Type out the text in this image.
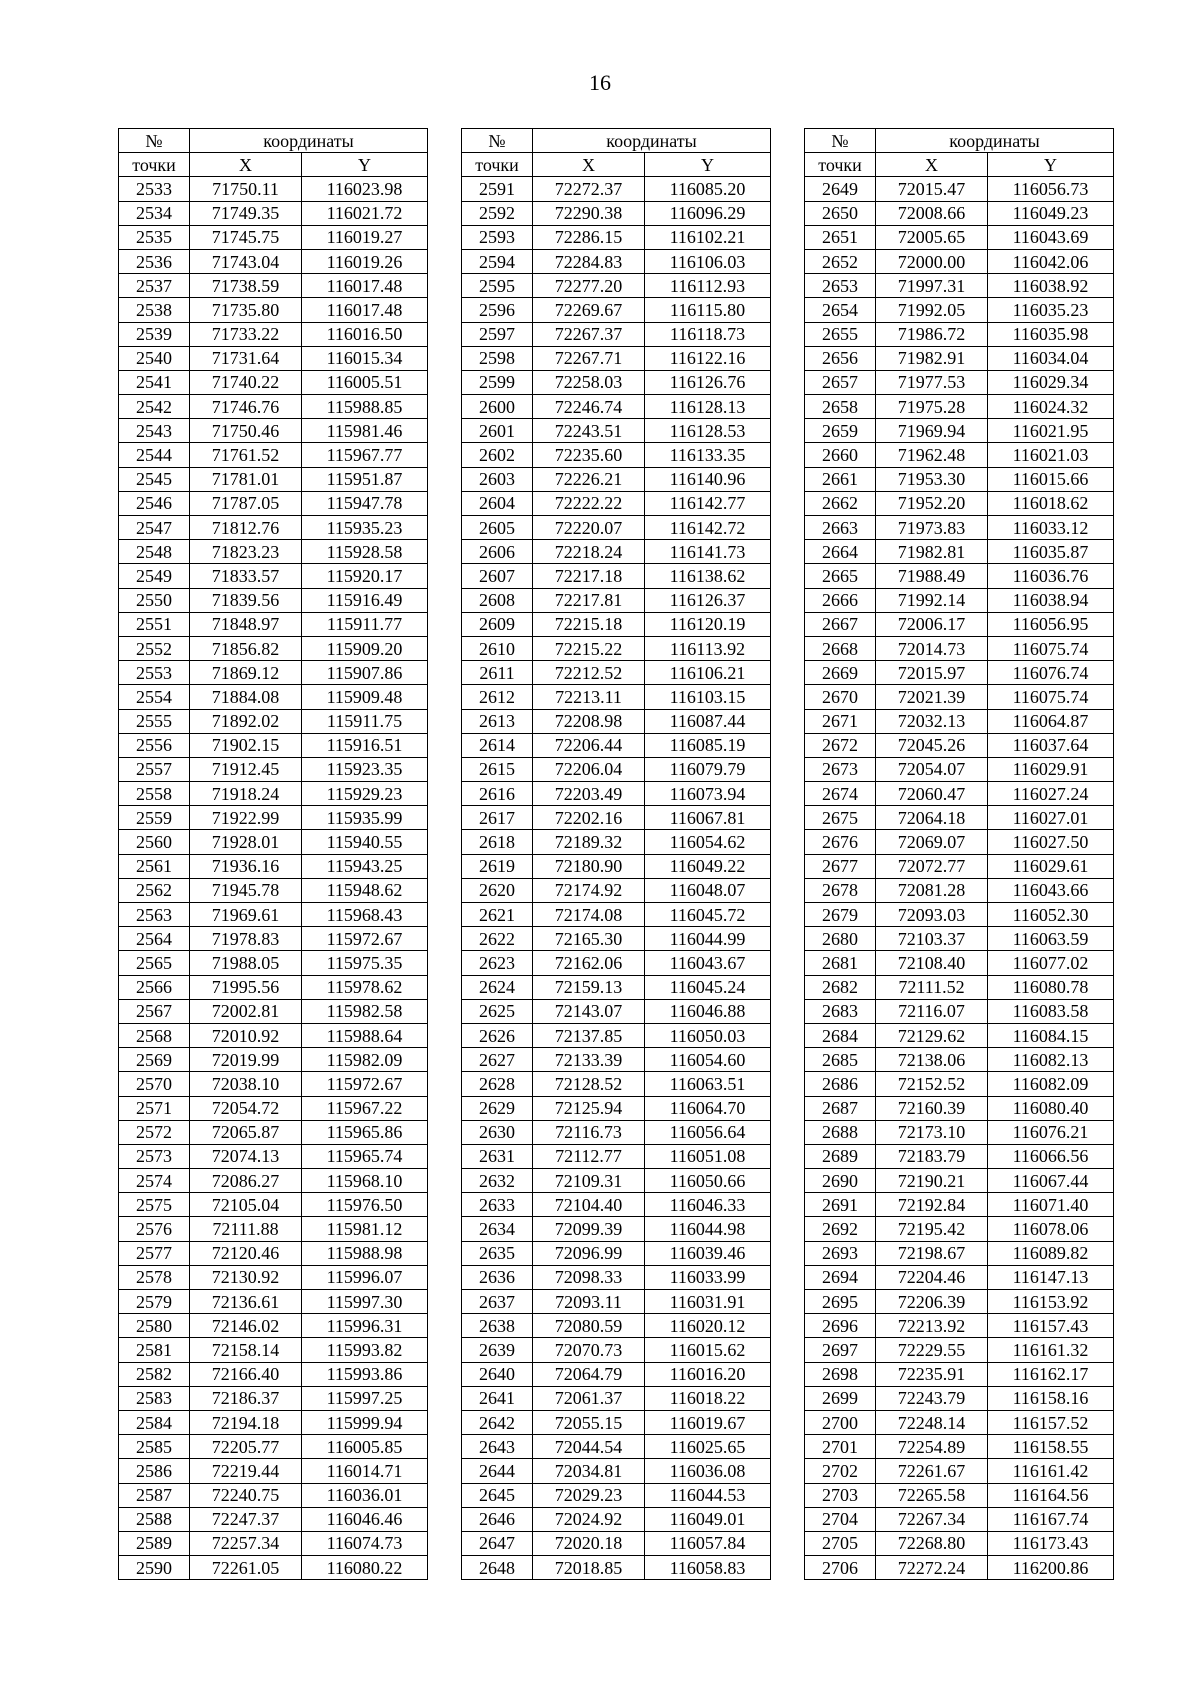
16
№	координаты	
точки	X	Y
2533	71750.11	116023.98
2534	71749.35	116021.72
2535	71745.75	116019.27
2536	71743.04	116019.26
2537	71738.59	116017.48
2538	71735.80	116017.48
2539	71733.22	116016.50
2540	71731.64	116015.34
2541	71740.22	116005.51
2542	71746.76	115988.85
2543	71750.46	115981.46
2544	71761.52	115967.77
2545	71781.01	115951.87
2546	71787.05	115947.78
2547	71812.76	115935.23
2548	71823.23	115928.58
2549	71833.57	115920.17
2550	71839.56	115916.49
2551	71848.97	115911.77
2552	71856.82	115909.20
2553	71869.12	115907.86
2554	71884.08	115909.48
2555	71892.02	115911.75
2556	71902.15	115916.51
2557	71912.45	115923.35
2558	71918.24	115929.23
2559	71922.99	115935.99
2560	71928.01	115940.55
2561	71936.16	115943.25
2562	71945.78	115948.62
2563	71969.61	115968.43
2564	71978.83	115972.67
2565	71988.05	115975.35
2566	71995.56	115978.62
2567	72002.81	115982.58
2568	72010.92	115988.64
2569	72019.99	115982.09
2570	72038.10	115972.67
2571	72054.72	115967.22
2572	72065.87	115965.86
2573	72074.13	115965.74
2574	72086.27	115968.10
2575	72105.04	115976.50
2576	72111.88	115981.12
2577	72120.46	115988.98
2578	72130.92	115996.07
2579	72136.61	115997.30
2580	72146.02	115996.31
2581	72158.14	115993.82
2582	72166.40	115993.86
2583	72186.37	115997.25
2584	72194.18	115999.94
2585	72205.77	116005.85
2586	72219.44	116014.71
2587	72240.75	116036.01
2588	72247.37	116046.46
2589	72257.34	116074.73
2590	72261.05	116080.22
№	координаты	
точки	X	Y
2591	72272.37	116085.20
2592	72290.38	116096.29
2593	72286.15	116102.21
2594	72284.83	116106.03
2595	72277.20	116112.93
2596	72269.67	116115.80
2597	72267.37	116118.73
2598	72267.71	116122.16
2599	72258.03	116126.76
2600	72246.74	116128.13
2601	72243.51	116128.53
2602	72235.60	116133.35
2603	72226.21	116140.96
2604	72222.22	116142.77
2605	72220.07	116142.72
2606	72218.24	116141.73
2607	72217.18	116138.62
2608	72217.81	116126.37
2609	72215.18	116120.19
2610	72215.22	116113.92
2611	72212.52	116106.21
2612	72213.11	116103.15
2613	72208.98	116087.44
2614	72206.44	116085.19
2615	72206.04	116079.79
2616	72203.49	116073.94
2617	72202.16	116067.81
2618	72189.32	116054.62
2619	72180.90	116049.22
2620	72174.92	116048.07
2621	72174.08	116045.72
2622	72165.30	116044.99
2623	72162.06	116043.67
2624	72159.13	116045.24
2625	72143.07	116046.88
2626	72137.85	116050.03
2627	72133.39	116054.60
2628	72128.52	116063.51
2629	72125.94	116064.70
2630	72116.73	116056.64
2631	72112.77	116051.08
2632	72109.31	116050.66
2633	72104.40	116046.33
2634	72099.39	116044.98
2635	72096.99	116039.46
2636	72098.33	116033.99
2637	72093.11	116031.91
2638	72080.59	116020.12
2639	72070.73	116015.62
2640	72064.79	116016.20
2641	72061.37	116018.22
2642	72055.15	116019.67
2643	72044.54	116025.65
2644	72034.81	116036.08
2645	72029.23	116044.53
2646	72024.92	116049.01
2647	72020.18	116057.84
2648	72018.85	116058.83
№	координаты	
точки	X	Y
2649	72015.47	116056.73
2650	72008.66	116049.23
2651	72005.65	116043.69
2652	72000.00	116042.06
2653	71997.31	116038.92
2654	71992.05	116035.23
2655	71986.72	116035.98
2656	71982.91	116034.04
2657	71977.53	116029.34
2658	71975.28	116024.32
2659	71969.94	116021.95
2660	71962.48	116021.03
2661	71953.30	116015.66
2662	71952.20	116018.62
2663	71973.83	116033.12
2664	71982.81	116035.87
2665	71988.49	116036.76
2666	71992.14	116038.94
2667	72006.17	116056.95
2668	72014.73	116075.74
2669	72015.97	116076.74
2670	72021.39	116075.74
2671	72032.13	116064.87
2672	72045.26	116037.64
2673	72054.07	116029.91
2674	72060.47	116027.24
2675	72064.18	116027.01
2676	72069.07	116027.50
2677	72072.77	116029.61
2678	72081.28	116043.66
2679	72093.03	116052.30
2680	72103.37	116063.59
2681	72108.40	116077.02
2682	72111.52	116080.78
2683	72116.07	116083.58
2684	72129.62	116084.15
2685	72138.06	116082.13
2686	72152.52	116082.09
2687	72160.39	116080.40
2688	72173.10	116076.21
2689	72183.79	116066.56
2690	72190.21	116067.44
2691	72192.84	116071.40
2692	72195.42	116078.06
2693	72198.67	116089.82
2694	72204.46	116147.13
2695	72206.39	116153.92
2696	72213.92	116157.43
2697	72229.55	116161.32
2698	72235.91	116162.17
2699	72243.79	116158.16
2700	72248.14	116157.52
2701	72254.89	116158.55
2702	72261.67	116161.42
2703	72265.58	116164.56
2704	72267.34	116167.74
2705	72268.80	116173.43
2706	72272.24	116200.86
